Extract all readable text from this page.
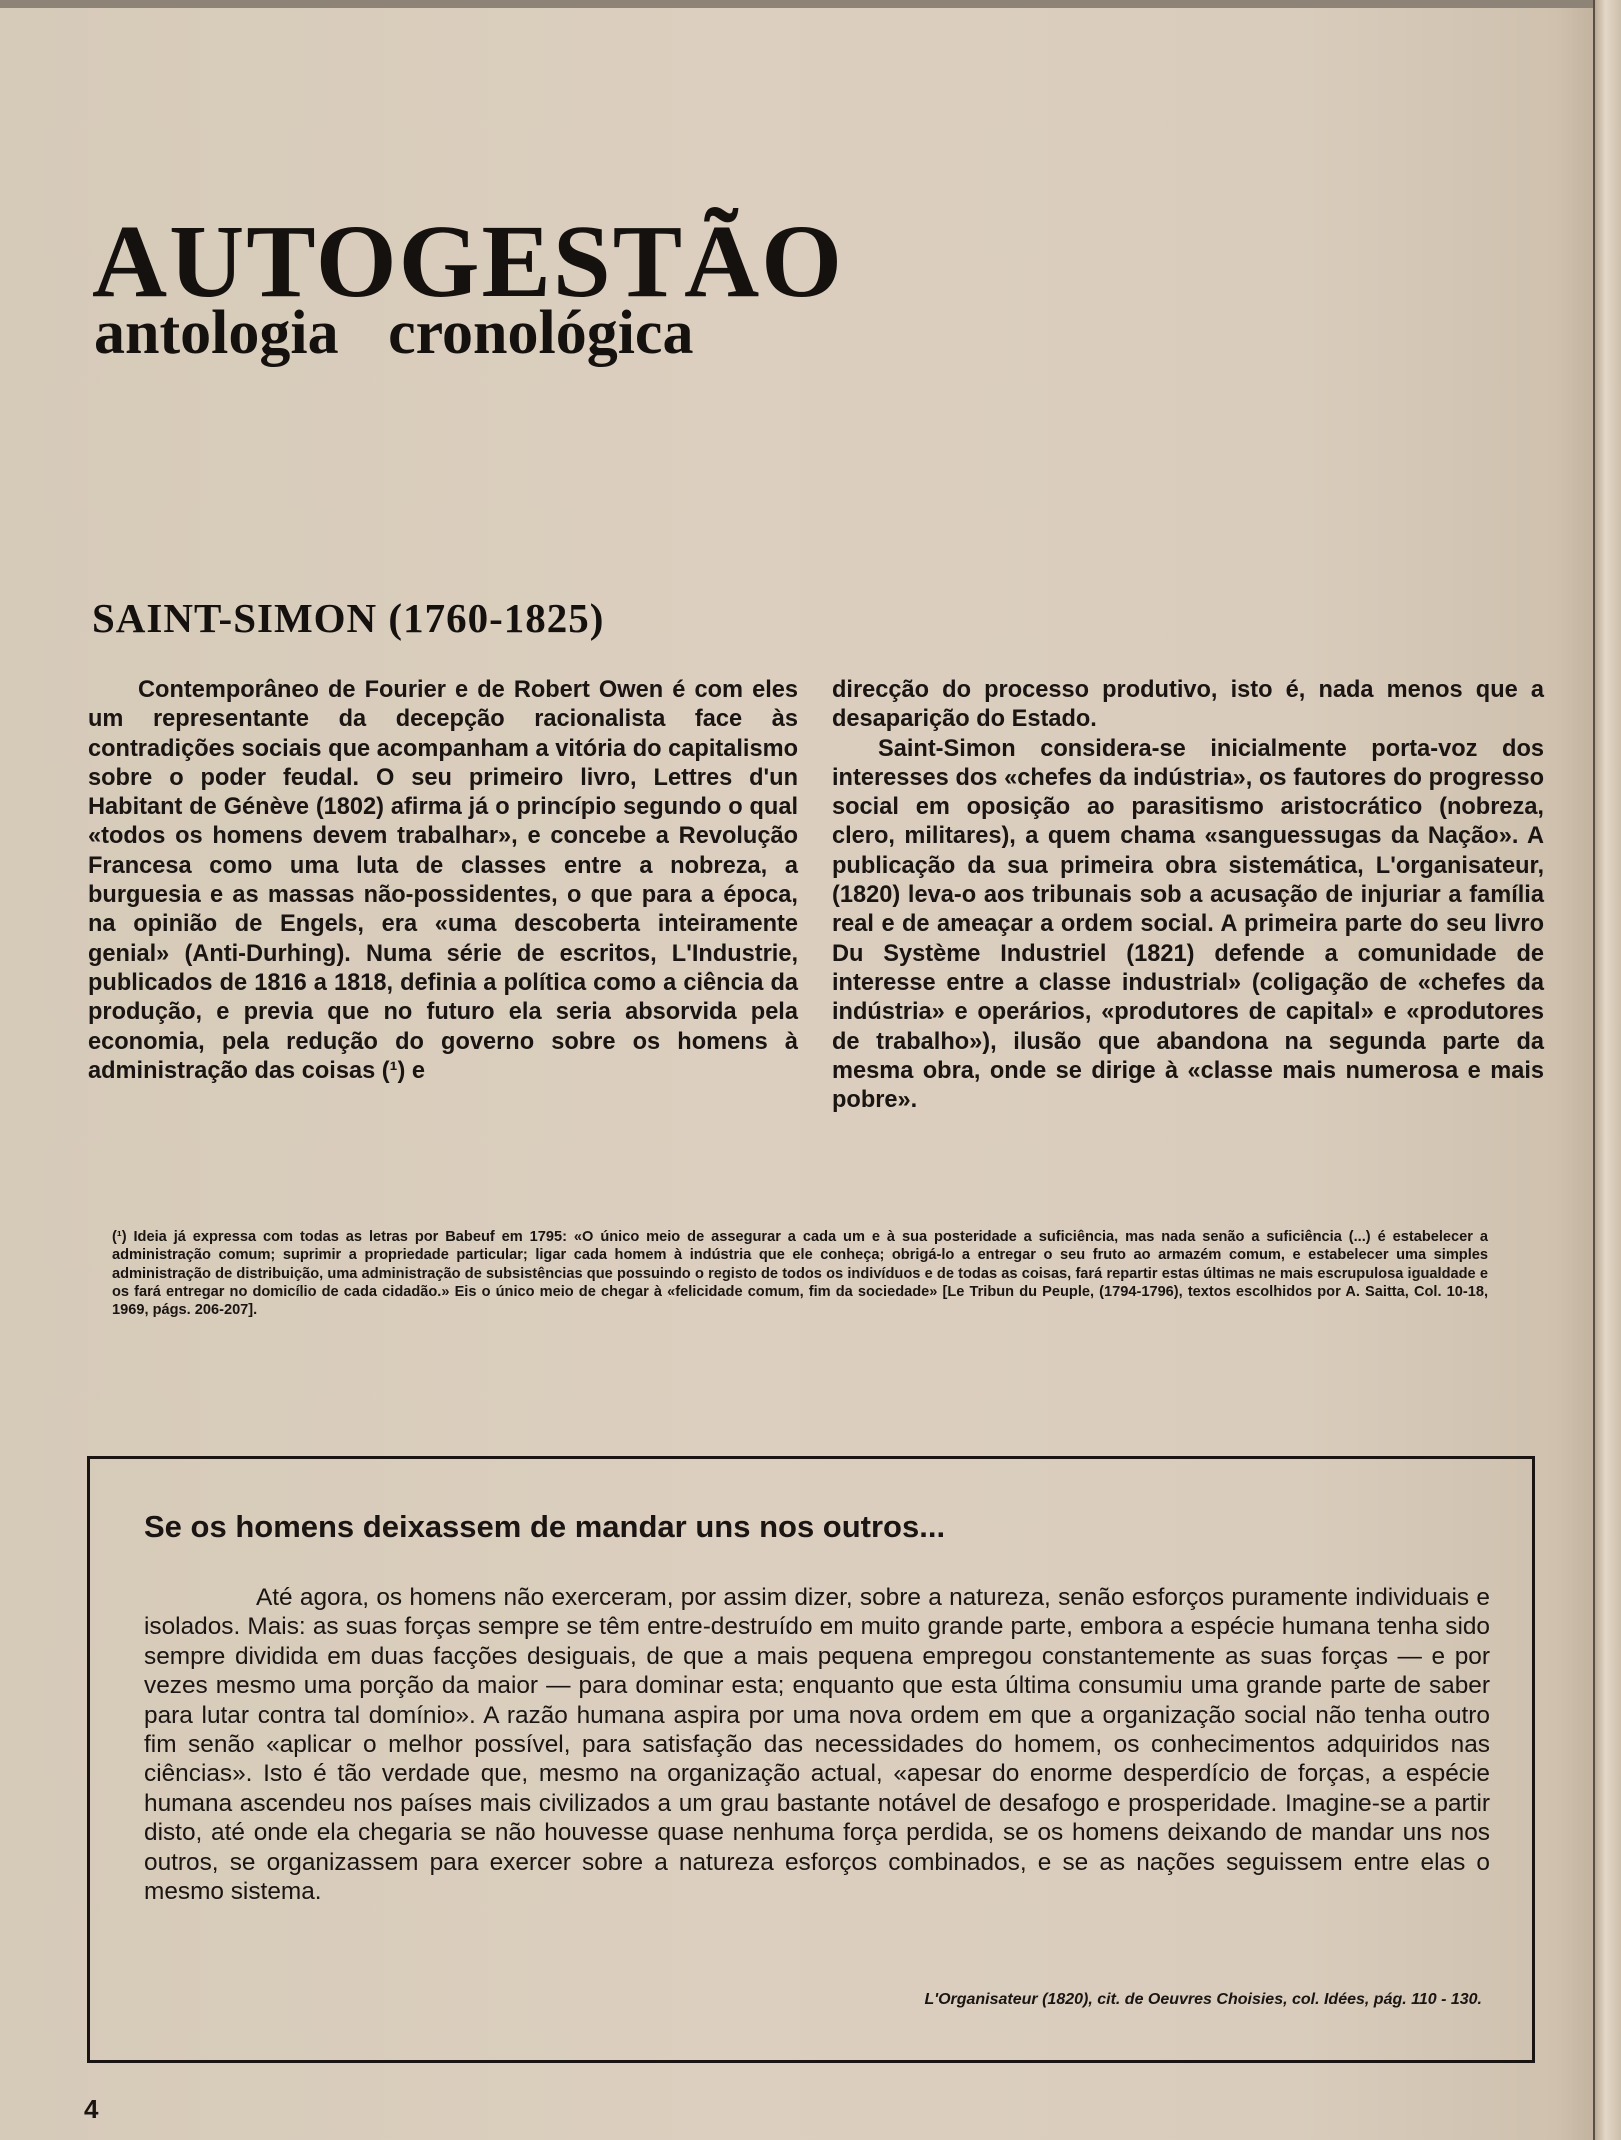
AUTOGESTÃO
antologia cronológica
SAINT-SIMON (1760-1825)

Contemporâneo de Fourier e de Robert Owen é com eles um representante da decepção racionalista face às contradições sociais que acompanham a vitória do capitalismo sobre o poder feudal. O seu primeiro livro, Lettres d'un Habitant de Génève (1802) afirma já o princípio segundo o qual «todos os homens devem trabalhar», e concebe a Revolução Francesa como uma luta de classes entre a nobreza, a burguesia e as massas não-possidentes, o que para a época, na opinião de Engels, era «uma descoberta inteiramente genial» (Anti-Durhing). Numa série de escritos, L'Industrie, publicados de 1816 a 1818, definia a política como a ciência da produção, e previa que no futuro ela seria absorvida pela economia, pela redução do governo sobre os homens à administração das coisas (¹) e

direcção do processo produtivo, isto é, nada menos que a desaparição do Estado.

Saint-Simon considera-se inicialmente porta-voz dos interesses dos «chefes da indústria», os fautores do progresso social em oposição ao parasitismo aristocrático (nobreza, clero, militares), a quem chama «sanguessugas da Nação». A publicação da sua primeira obra sistemática, L'organisateur, (1820) leva-o aos tribunais sob a acusação de injuriar a família real e de ameaçar a ordem social. A primeira parte do seu livro Du Système Industriel (1821) defende a comunidade de interesse entre a classe industrial» (coligação de «chefes da indústria» e operários, «produtores de capital» e «produtores de trabalho»), ilusão que abandona na segunda parte da mesma obra, onde se dirige à «classe mais numerosa e mais pobre».

(¹) Ideia já expressa com todas as letras por Babeuf em 1795: «O único meio de assegurar a cada um e à sua posteridade a suficiência, mas nada senão a suficiência (...) é estabelecer a administração comum; suprimir a propriedade particular; ligar cada homem à indústria que ele conheça; obrigá-lo a entregar o seu fruto ao armazém comum, e estabelecer uma simples administração de distribuição, uma administração de subsistências que possuindo o registo de todos os indivíduos e de todas as coisas, fará repartir estas últimas ne mais escrupulosa igualdade e os fará entregar no domicílio de cada cidadão.» Eis o único meio de chegar à «felicidade comum, fim da sociedade» [Le Tribun du Peuple, (1794-1796), textos escolhidos por A. Saitta, Col. 10-18, 1969, págs. 206-207].
Se os homens deixassem de mandar uns nos outros...

Até agora, os homens não exerceram, por assim dizer, sobre a natureza, senão esforços puramente individuais e isolados. Mais: as suas forças sempre se têm entre-destruído em muito grande parte, embora a espécie humana tenha sido sempre dividida em duas facções desiguais, de que a mais pequena empregou constantemente as suas forças — e por vezes mesmo uma porção da maior — para dominar esta; enquanto que esta última consumiu uma grande parte de saber para lutar contra tal domínio». A razão humana aspira por uma nova ordem em que a organização social não tenha outro fim senão «aplicar o melhor possível, para satisfação das necessidades do homem, os conhecimentos adquiridos nas ciências». Isto é tão verdade que, mesmo na organização actual, «apesar do enorme desperdício de forças, a espécie humana ascendeu nos países mais civilizados a um grau bastante notável de desafogo e prosperidade. Imagine-se a partir disto, até onde ela chegaria se não houvesse quase nenhuma força perdida, se os homens deixando de mandar uns nos outros, se organizassem para exercer sobre a natureza esforços combinados, e se as nações seguissem entre elas o mesmo sistema.

L'Organisateur (1820), cit. de Oeuvres Choisies, col. Idées, pág. 110 - 130.
4
